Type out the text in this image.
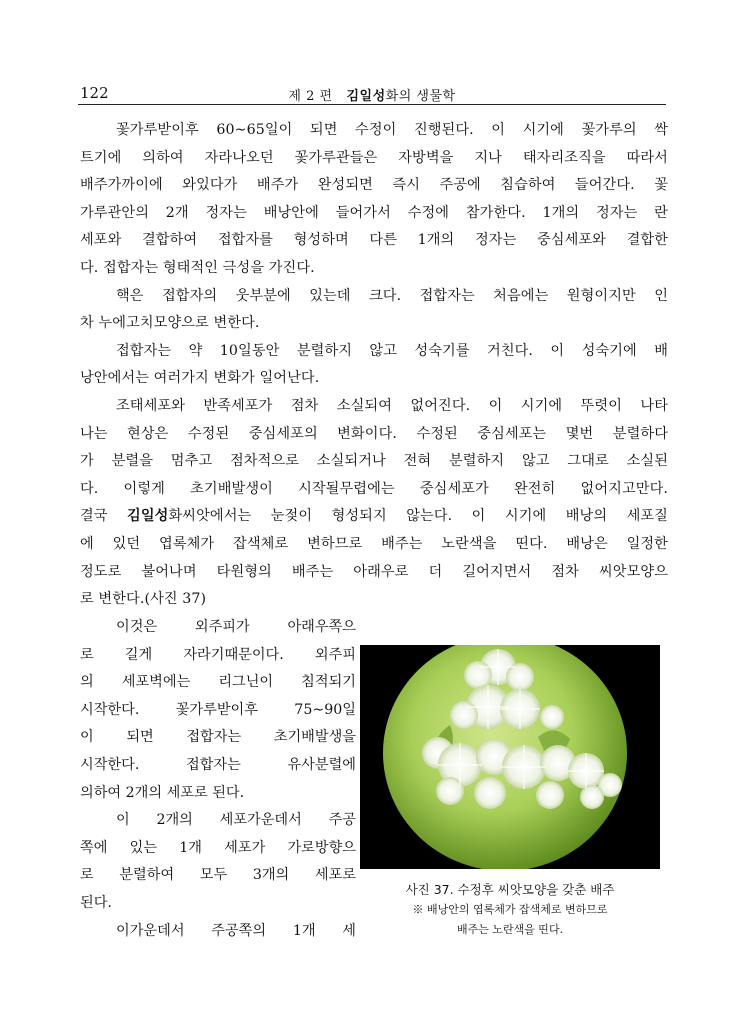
122	제 2 편 김일성화의 생물학
꽃가루받이후 60∼65일이 되면 수정이 진행된다. 이 시기에 꽃가루의 싹
트기에 의하여 자라나오던 꽃가루관들은 자방벽을 지나 태자리조직을 따라서
배주가까이에 와있다가 배주가 완성되면 즉시 주공에 침습하여 들어간다. 꽃
가루관안의 2개 정자는 배낭안에 들어가서 수정에 참가한다. 1개의 정자는 란
세포와 결합하여 접합자를 형성하며 다른 1개의 정자는 중심세포와 결합한
다. 접합자는 형태적인 극성을 가진다.
핵은 접합자의 웃부분에 있는데 크다. 접합자는 처음에는 원형이지만 인
차 누에고치모양으로 변한다.
접합자는 약 10일동안 분렬하지 않고 성숙기를 거친다. 이 성숙기에 배
낭안에서는 여러가지 변화가 일어난다.
조태세포와 반족세포가 점차 소실되여 없어진다. 이 시기에 뚜렷이 나타
나는 현상은 수정된 중심세포의 변화이다. 수정된 중심세포는 몇번 분렬하다
가 분렬을 멈추고 점차적으로 소실되거나 전혀 분렬하지 않고 그대로 소실된
다. 이렇게 초기배발생이 시작될무렵에는 중심세포가 완전히 없어지고만다.
결국 김일성화씨앗에서는 눈젖이 형성되지 않는다. 이 시기에 배낭의 세포질
에 있던 엽록체가 잡색체로 변하므로 배주는 노란색을 띤다. 배낭은 일정한
정도로 불어나며 타원형의 배주는 아래우로 더 길어지면서 점차 씨앗모양으
로 변한다.(사진 37)
이것은 외주피가 아래우쪽으
로 길게 자라기때문이다. 외주피
의 세포벽에는 리그닌이 침적되기
시작한다. 꽃가루받이후 75∼90일
이 되면 접합자는 초기배발생을
시작한다. 접합자는 유사분렬에
의하여 2개의 세포로 된다.
이 2개의 세포가운데서 주공
쪽에 있는 1개 세포가 가로방향으
로 분렬하여 모두 3개의 세포로
된다.
이가운데서 주공쪽의 1개 세
사진 37. 수정후 씨앗모양을 갖춘 배주
※ 배낭안의 엽록체가 잡색체로 변하므로
배주는 노란색을 띤다.
